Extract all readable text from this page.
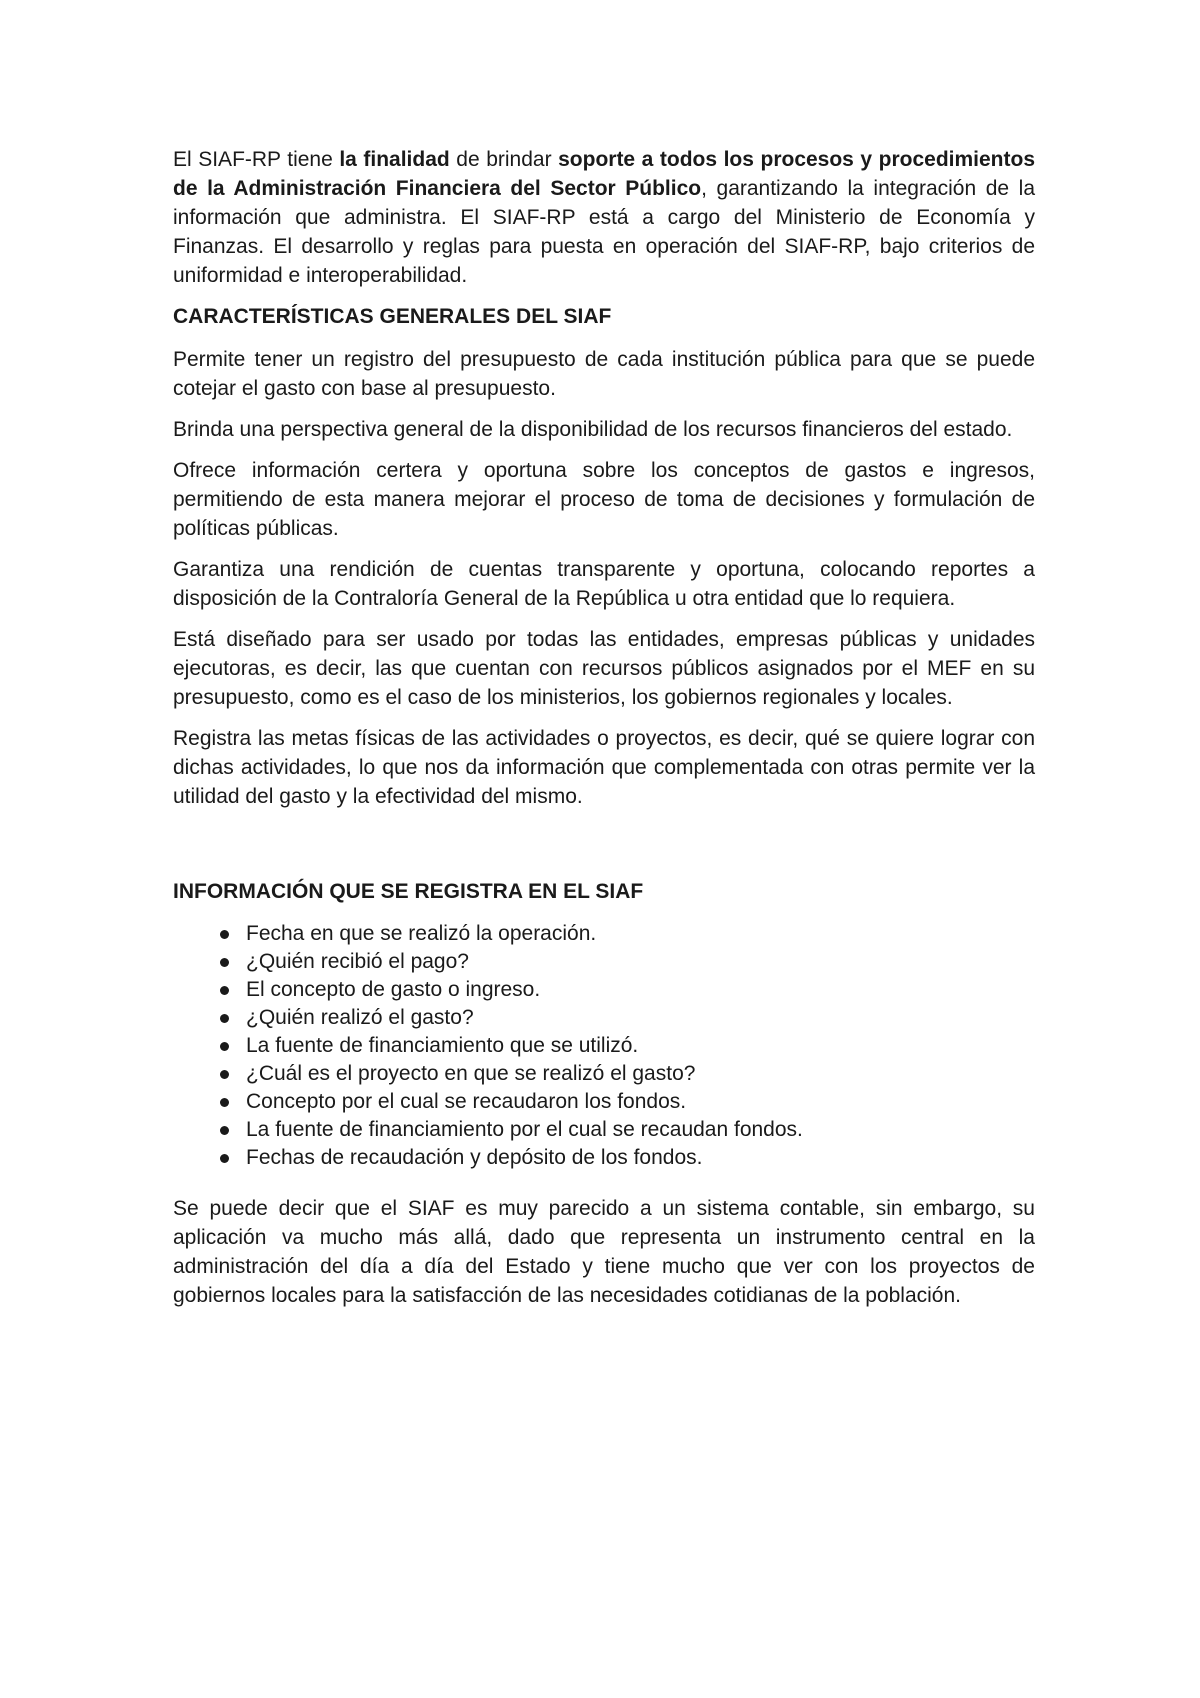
El SIAF-RP tiene la finalidad de brindar soporte a todos los procesos y procedimientos de la Administración Financiera del Sector Público, garantizando la integración de la información que administra. El SIAF-RP está a cargo del Ministerio de Economía y Finanzas. El desarrollo y reglas para puesta en operación del SIAF-RP, bajo criterios de uniformidad e interoperabilidad.

CARACTERÍSTICAS GENERALES DEL SIAF

Permite tener un registro del presupuesto de cada institución pública para que se puede cotejar el gasto con base al presupuesto.

Brinda una perspectiva general de la disponibilidad de los recursos financieros del estado.

Ofrece información certera y oportuna sobre los conceptos de gastos e ingresos, permitiendo de esta manera mejorar el proceso de toma de decisiones y formulación de políticas públicas.

Garantiza una rendición de cuentas transparente y oportuna, colocando reportes a disposición de la Contraloría General de la República u otra entidad que lo requiera.

Está diseñado para ser usado por todas las entidades, empresas públicas y unidades ejecutoras, es decir, las que cuentan con recursos públicos asignados por el MEF en su presupuesto, como es el caso de los ministerios, los gobiernos regionales y locales.

Registra las metas físicas de las actividades o proyectos, es decir, qué se quiere lograr con dichas actividades, lo que nos da información que complementada con otras permite ver la utilidad del gasto y la efectividad del mismo.

INFORMACIÓN QUE SE REGISTRA EN EL SIAF
Fecha en que se realizó la operación.
¿Quién recibió el pago?
El concepto de gasto o ingreso.
¿Quién realizó el gasto?
La fuente de financiamiento que se utilizó.
¿Cuál es el proyecto en que se realizó el gasto?
Concepto por el cual se recaudaron los fondos.
La fuente de financiamiento por el cual se recaudan fondos.
Fechas de recaudación y depósito de los fondos.

Se puede decir que el SIAF es muy parecido a un sistema contable, sin embargo, su aplicación va mucho más allá, dado que representa un instrumento central en la administración del día a día del Estado y tiene mucho que ver con los proyectos de gobiernos locales para la satisfacción de las necesidades cotidianas de la población.
